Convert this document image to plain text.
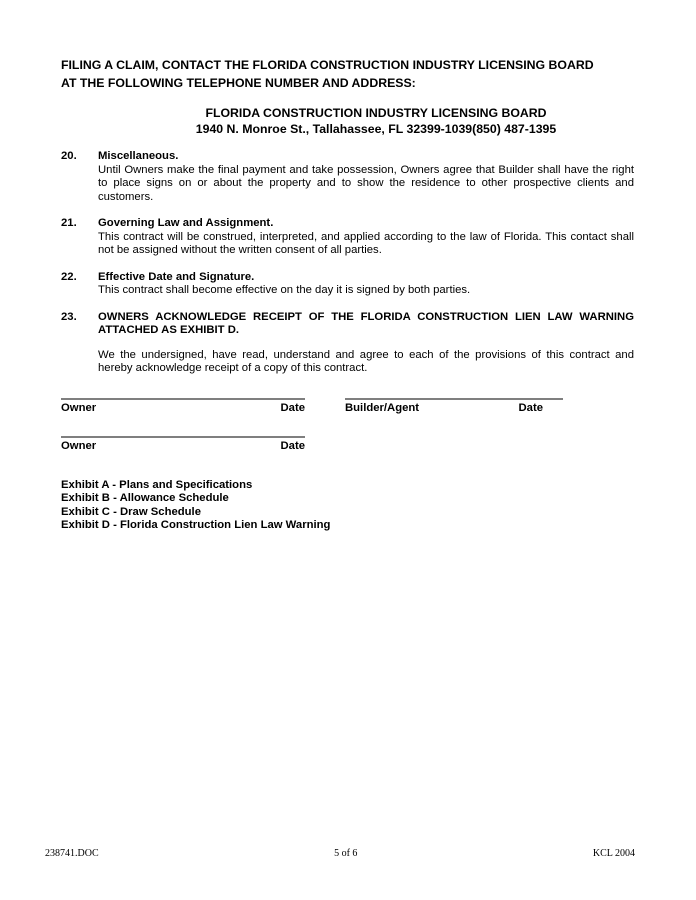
FILING A CLAIM, CONTACT THE FLORIDA CONSTRUCTION INDUSTRY LICENSING BOARD
AT THE FOLLOWING TELEPHONE NUMBER AND ADDRESS:
FLORIDA CONSTRUCTION INDUSTRY LICENSING BOARD
1940 N. Monroe St., Tallahassee, FL 32399-1039(850) 487-1395
20.	Miscellaneous.
Until Owners make the final payment and take possession, Owners agree that Builder shall have the right to place signs on or about the property and to show the residence to other prospective clients and customers.
21.	Governing Law and Assignment.
This contract will be construed, interpreted, and applied according to the law of Florida. This contact shall not be assigned without the written consent of all parties.
22.	Effective Date and Signature.
This contract shall become effective on the day it is signed by both parties.
23.	OWNERS ACKNOWLEDGE RECEIPT OF THE FLORIDA CONSTRUCTION LIEN LAW WARNING ATTACHED AS EXHIBIT D.
We the undersigned, have read, understand and agree to each of the provisions of this contract and hereby acknowledge receipt of a copy of this contract.
Owner	Date	Builder/Agent	Date
Owner	Date
Exhibit A - Plans and Specifications
Exhibit B - Allowance Schedule
Exhibit C - Draw Schedule
Exhibit D - Florida Construction Lien Law Warning
238741.DOC	5 of 6	KCL 2004
